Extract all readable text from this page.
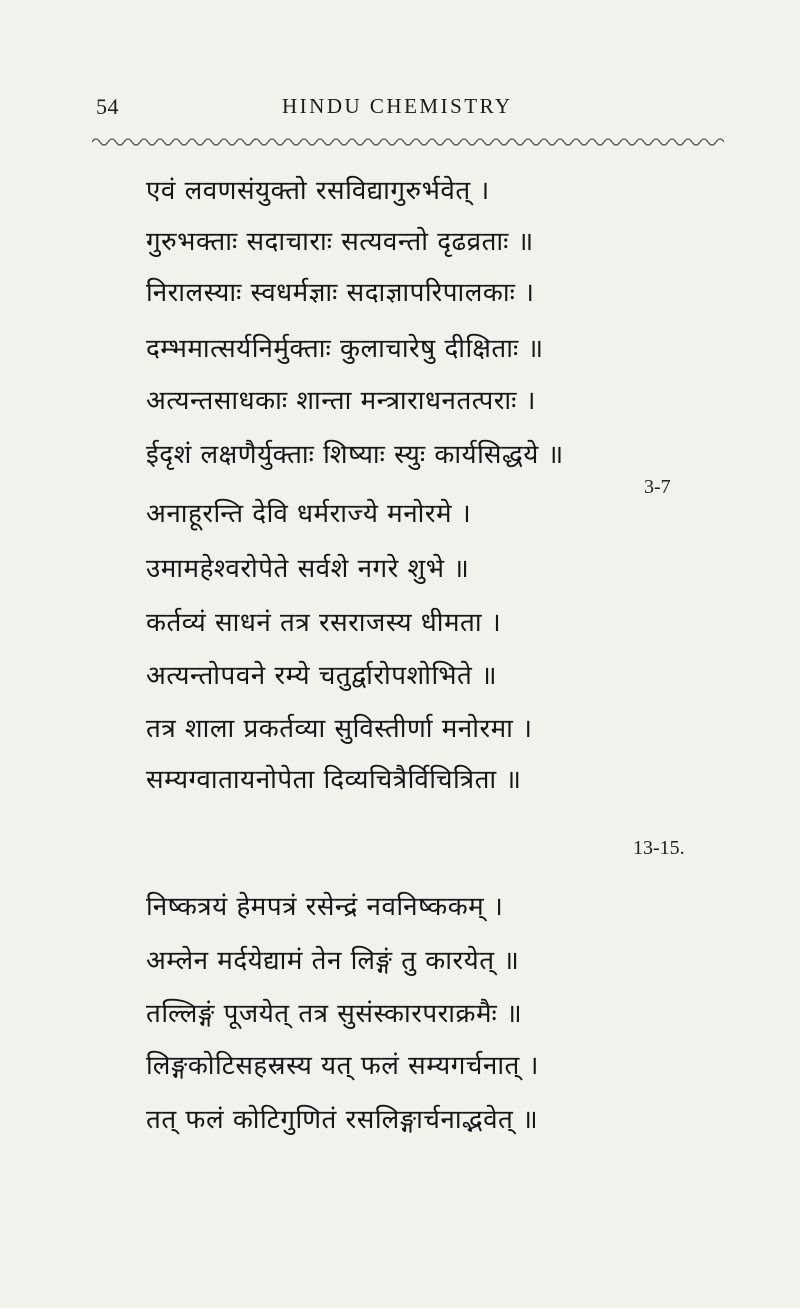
54	HINDU CHEMISTRY
एवं लवणसंयुक्तो रसविद्यागुरुर्भवेत् ।
गुरुभक्ताः सदाचाराः सत्यवन्तो दृढव्रताः ॥
निरालस्याः स्वधर्मज्ञाः सदाज्ञापरिपालकाः ।
दम्भमात्सर्यनिर्मुक्ताः कुलाचारेषु दीक्षिताः ॥
अत्यन्तसाधकाः शान्ता मन्त्राराधनतत्पराः ।
ईदृशं लक्षणैर्युक्ताः शिष्याः स्युः कार्यसिद्धये ॥
3-7
अनाहूरन्ति देवि धर्मराज्ये मनोरमे ।
उमामहेश्वरोपेते सर्वशे नगरे शुभे ॥
कर्तव्यं साधनं तत्र रसराजस्य धीमता ।
अत्यन्तोपवने रम्ये चतुर्द्वारोपशोभिते ॥
तत्र शाला प्रकर्तव्या सुविस्तीर्णा मनोरमा ।
सम्यग्वातायनोपेता दिव्यचित्रैर्विचित्रिता ॥
13-15.
निष्कत्रयं हेमपत्रं रसेन्द्रं नवनिष्ककम् ।
अम्लेन मर्दयेद्यामं तेन लिङ्गं तु कारयेत् ॥
तल्लिङ्गं पूजयेत् तत्र सुसंस्कारपराक्रमैः ॥
लिङ्गकोटिसहस्रस्य यत् फलं सम्यगर्चनात् ।
तत् फलं कोटिगुणितं रसलिङ्गार्चनाद्भवेत् ॥
